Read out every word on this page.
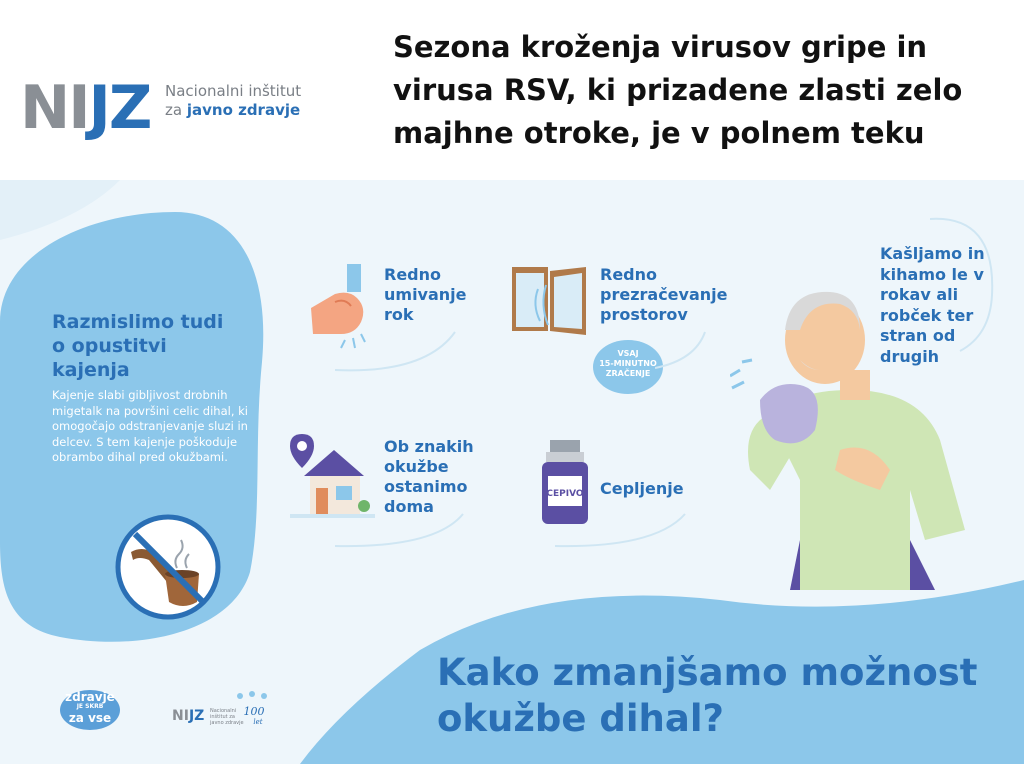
NIJZ Nacionalni inštitut
za javno zdravje
Sezona kroženja virusov gripe in virusa RSV, ki prizadene zlasti zelo majhne otroke, je v polnem teku
Razmislimo tudi o opustitvi kajenja
Kajenje slabi gibljivost drobnih migetalk na površini celic dihal, ki omogočajo odstranjevanje sluzi in delcev. S tem kajenje poškoduje obrambo dihal pred okužbami.
Redno umivanje rok
Redno prezračevanje prostorov
VSAJ
15-MINUTNO
ZRAČENJE
Ob znakih okužbe ostanimo doma
CEPIVO Cepljenje
Kašljamo in kihamo le v rokav ali robček ter stran od drugih
Kako zmanjšamo možnost okužbe dihal?
zdravje
JE SKRB
za vse	NIJZ Nacionalni inštitut za javno zdravje
100
let
